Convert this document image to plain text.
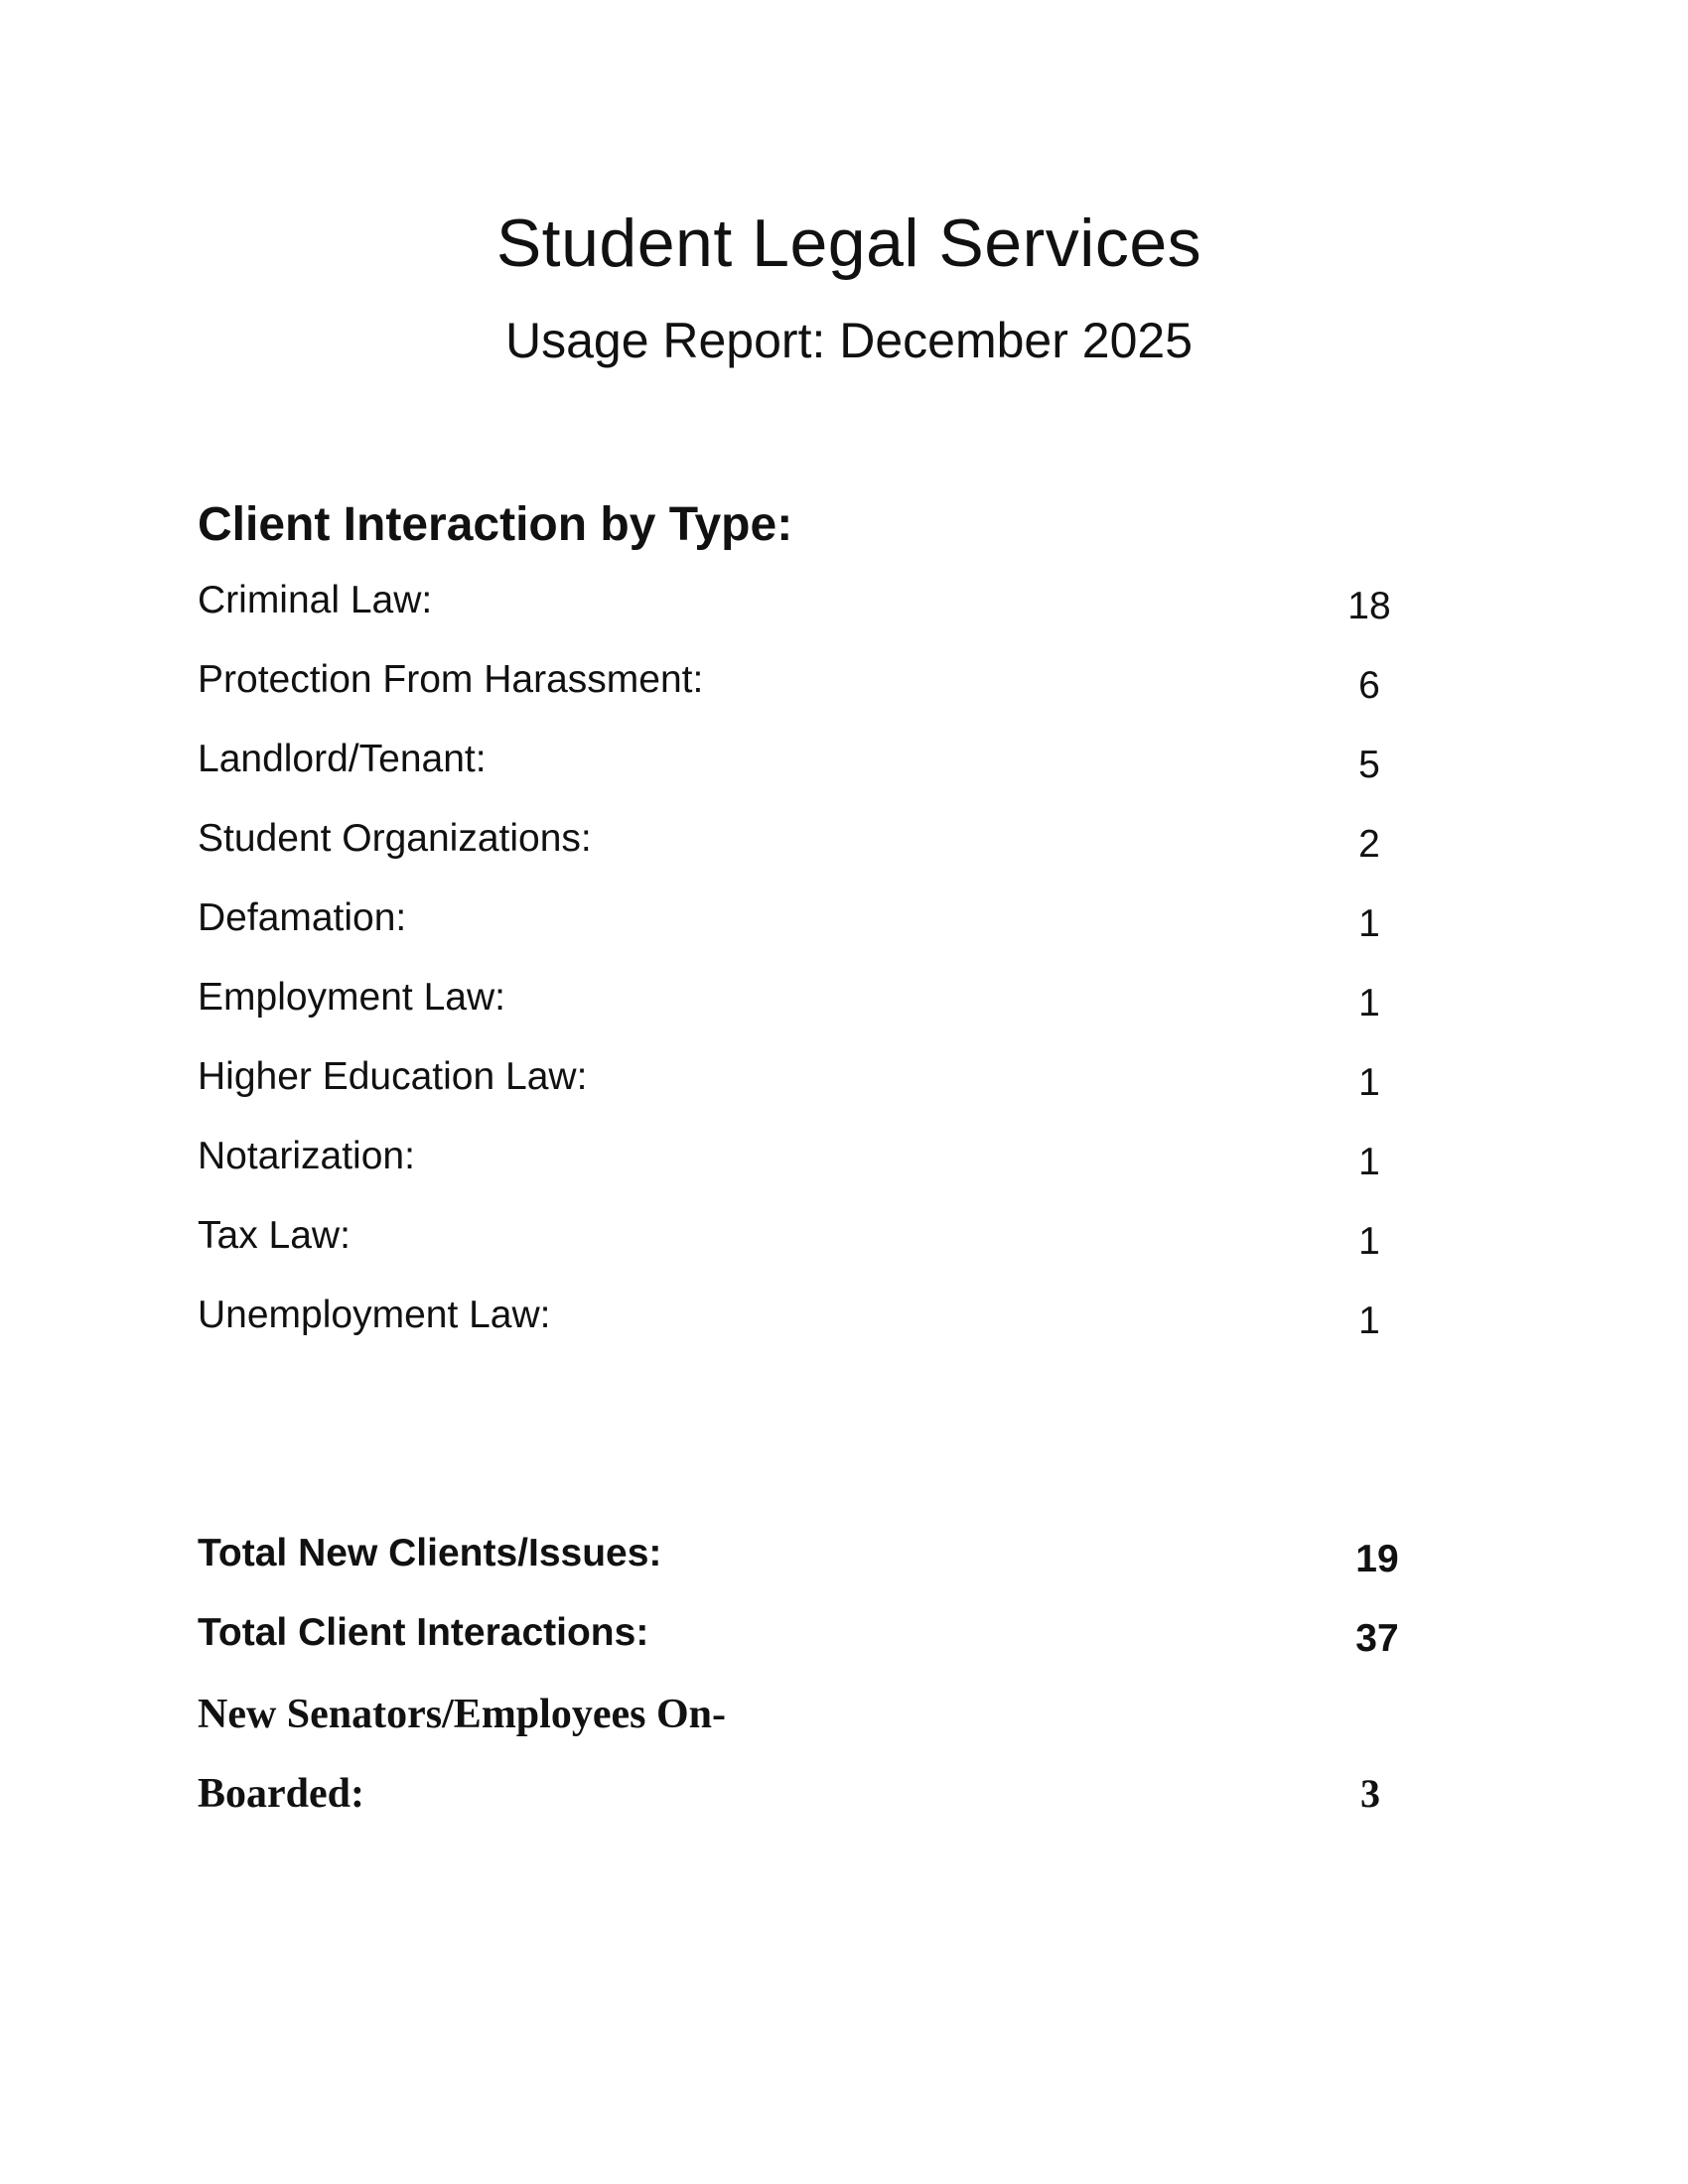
Student Legal Services
Usage Report: December 2025
Client Interaction by Type:
Criminal Law:	18
Protection From Harassment:	6
Landlord/Tenant:	5
Student Organizations:	2
Defamation:	1
Employment Law:	1
Higher Education Law:	1
Notarization:	1
Tax Law:	1
Unemployment Law:	1
Total New Clients/Issues:	19
Total Client Interactions:	37
New Senators/Employees On-
Boarded:	3
